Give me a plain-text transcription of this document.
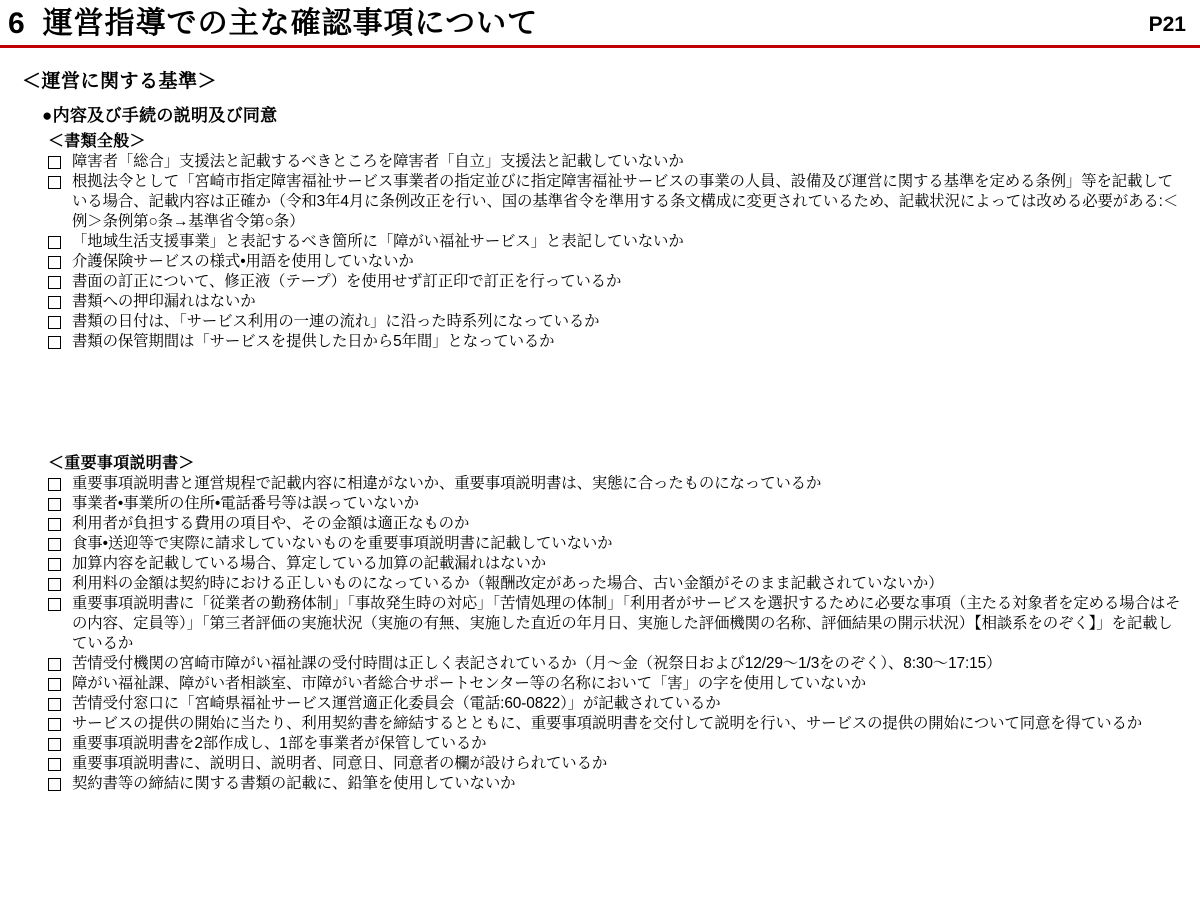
6 運営指導での主な確認事項について	P21
＜運営に関する基準＞
●内容及び手続の説明及び同意
＜書類全般＞
障害者「総合」支援法と記載するべきところを障害者「自立」支援法と記載していないか
根拠法令として「宮崎市指定障害福祉サービス事業者の指定並びに指定障害福祉サービスの事業の人員、設備及び運営に関する基準を定める条例」等を記載している場合、記載内容は正確か（令和3年4月に条例改正を行い、国の基準省令を準用する条文構成に変更されているため、記載状況によっては改める必要がある:＜例＞条例第○条→基準省令第○条）
「地域生活支援事業」と表記するべき箇所に「障がい福祉サービス」と表記していないか
介護保険サービスの様式•用語を使用していないか
書面の訂正について、修正液（テープ）を使用せず訂正印で訂正を行っているか
書類への押印漏れはないか
書類の日付は、「サービス利用の一連の流れ」に沿った時系列になっているか
書類の保管期間は「サービスを提供した日から5年間」となっているか
＜重要事項説明書＞
重要事項説明書と運営規程で記載内容に相違がないか、重要事項説明書は、実態に合ったものになっているか
事業者•事業所の住所•電話番号等は誤っていないか
利用者が負担する費用の項目や、その金額は適正なものか
食事•送迎等で実際に請求していないものを重要事項説明書に記載していないか
加算内容を記載している場合、算定している加算の記載漏れはないか
利用料の金額は契約時における正しいものになっているか（報酬改定があった場合、古い金額がそのまま記載されていないか）
重要事項説明書に「従業者の勤務体制」「事故発生時の対応」「苦情処理の体制」「利用者がサービスを選択するために必要な事項（主たる対象者を定める場合はその内容、定員等）」「第三者評価の実施状況（実施の有無、実施した直近の年月日、実施した評価機関の名称、評価結果の開示状況）【相談系をのぞく】」を記載しているか
苦情受付機関の宮崎市障がい福祉課の受付時間は正しく表記されているか（月～金（祝祭日および12/29～1/3をのぞく）、8:30～17:15）
障がい福祉課、障がい者相談室、市障がい者総合サポートセンター等の名称において「害」の字を使用していないか
苦情受付窓口に「宮崎県福祉サービス運営適正化委員会（電話:60-0822）」が記載されているか
サービスの提供の開始に当たり、利用契約書を締結するとともに、重要事項説明書を交付して説明を行い、サービスの提供の開始について同意を得ているか
重要事項説明書を2部作成し、1部を事業者が保管しているか
重要事項説明書に、説明日、説明者、同意日、同意者の欄が設けられているか
契約書等の締結に関する書類の記載に、鉛筆を使用していないか
